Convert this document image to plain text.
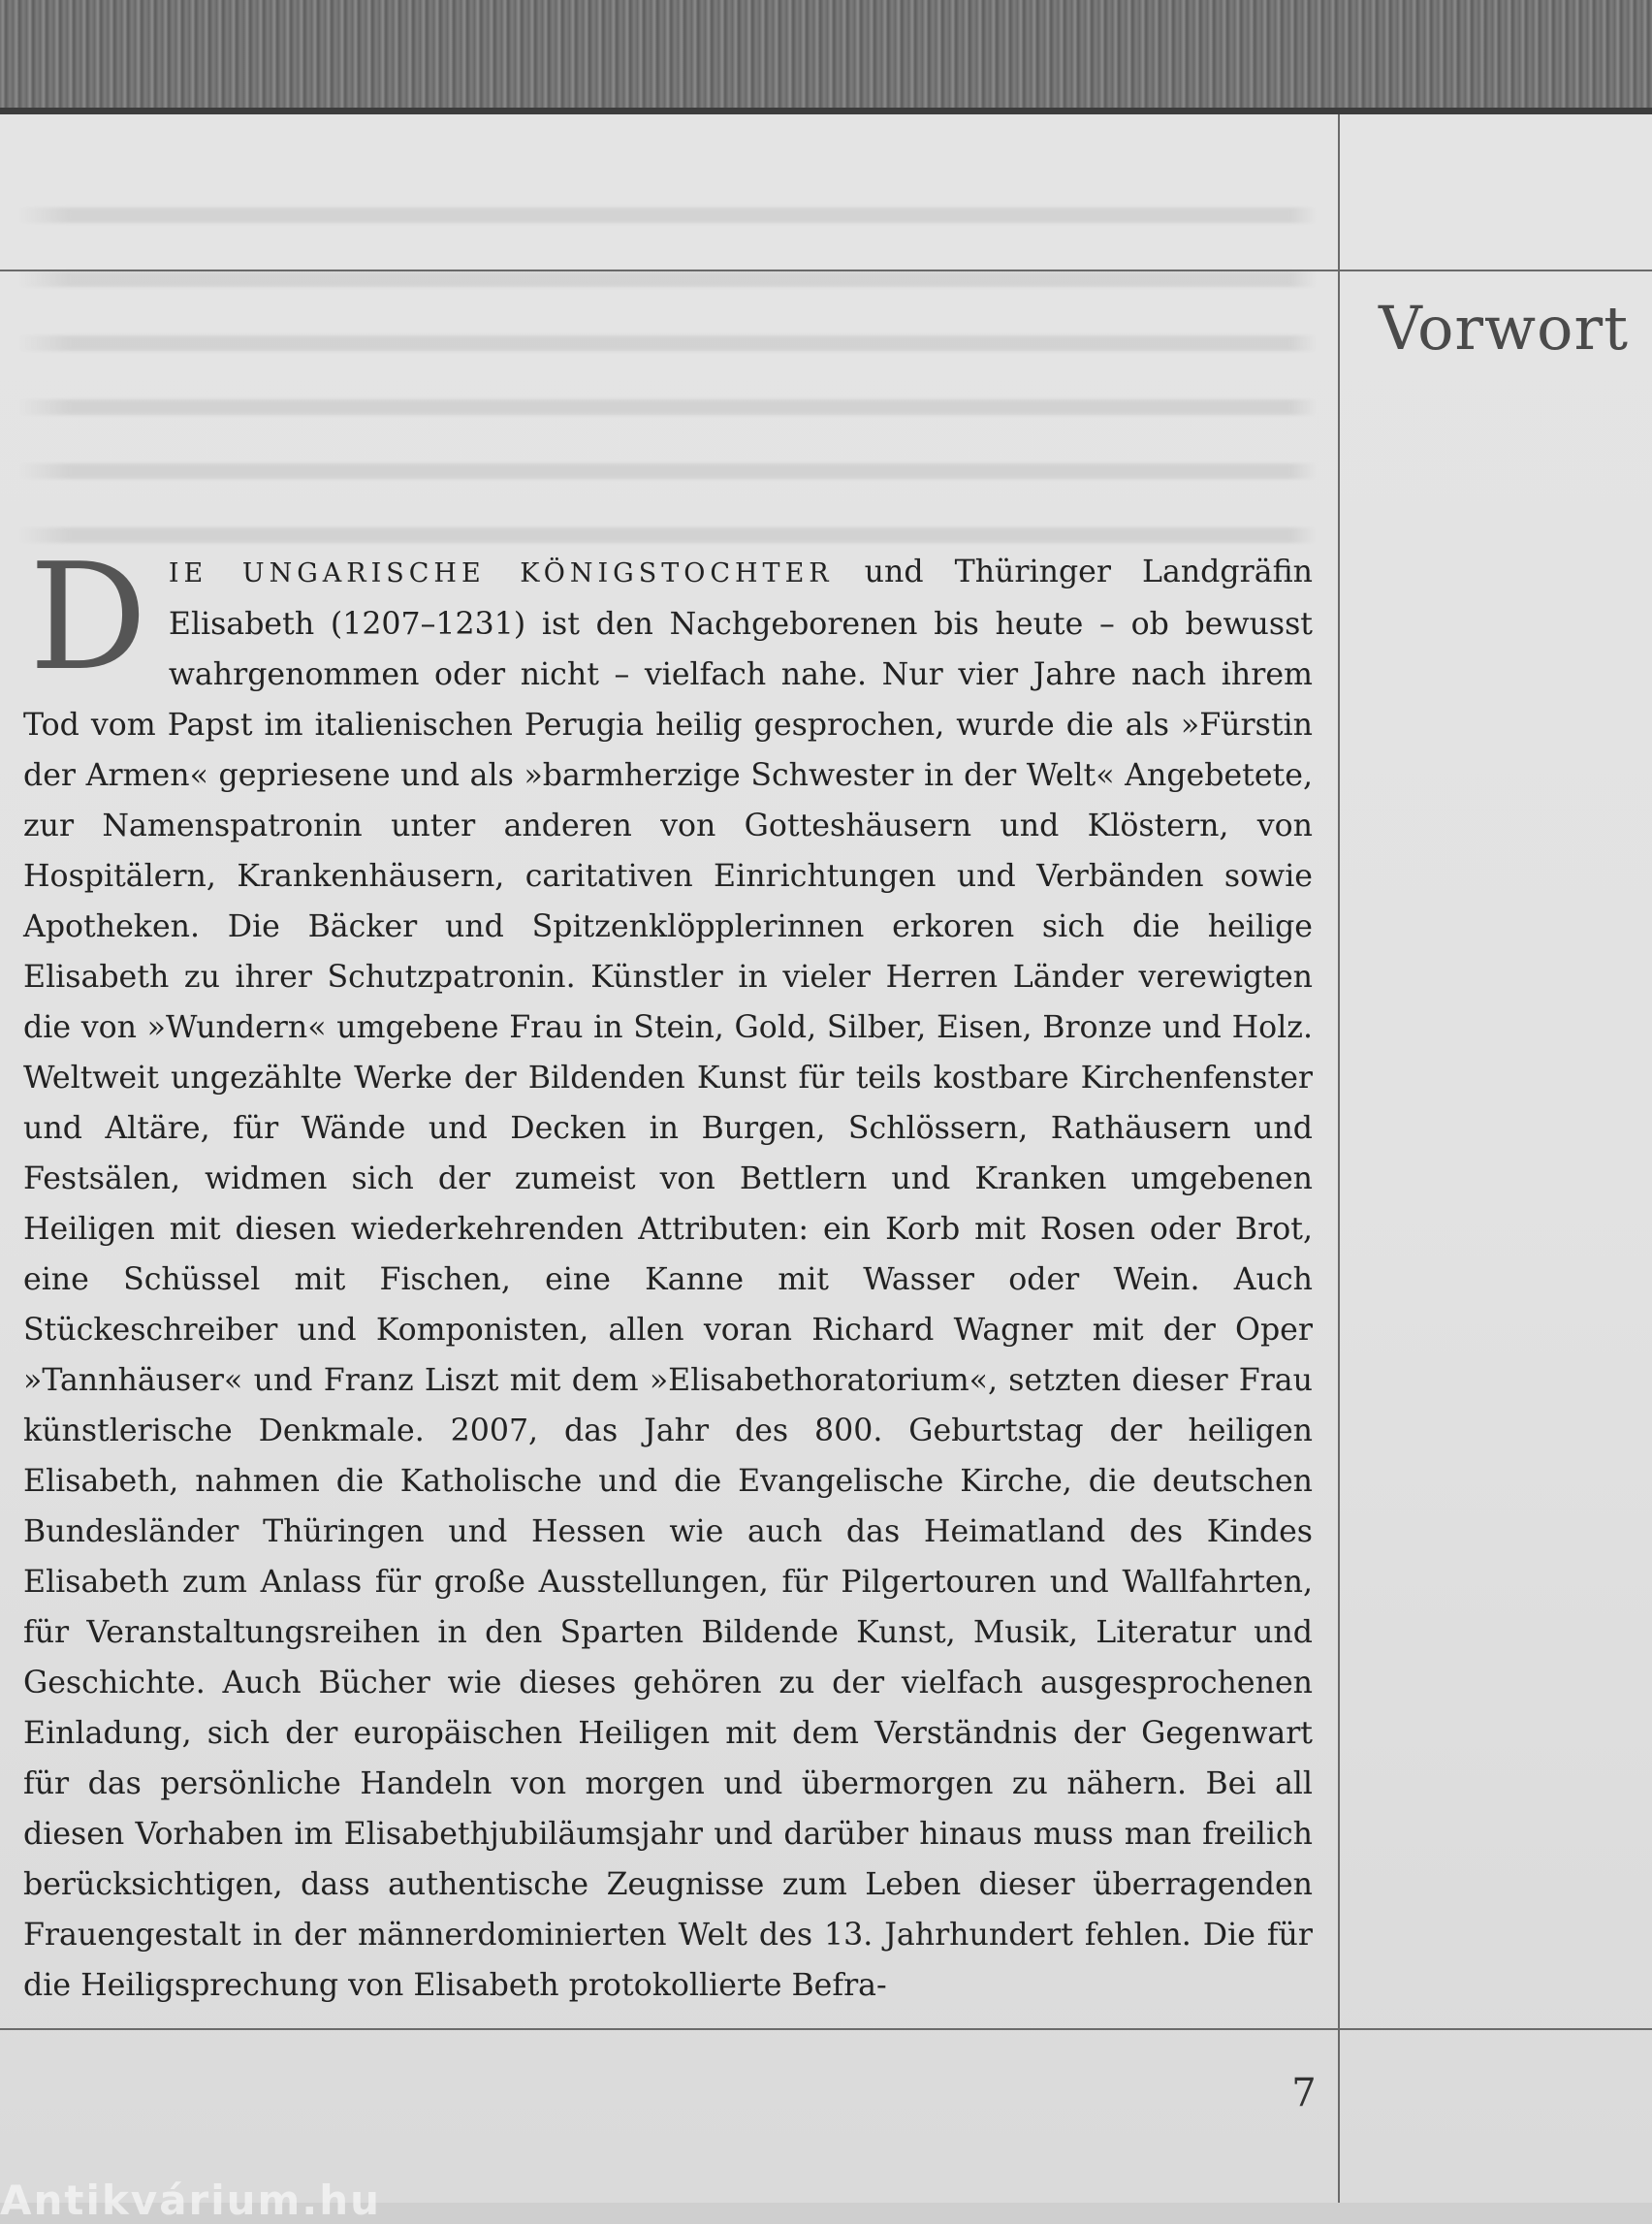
Vorwort

DIE UNGARISCHE KÖNIGSTOCHTER und Thüringer Landgräfin Elisabeth (1207–1231) ist den Nachgeborenen bis heute – ob bewusst wahrgenommen oder nicht – vielfach nahe. Nur vier Jahre nach ihrem Tod vom Papst im italienischen Perugia heilig gesprochen, wurde die als »Fürstin der Armen« gepriesene und als »barmherzige Schwester in der Welt« Angebetete, zur Namenspatronin unter anderen von Gotteshäusern und Klöstern, von Hospitälern, Krankenhäusern, caritativen Einrichtungen und Verbänden sowie Apotheken. Die Bäcker und Spitzenklöpplerinnen erkoren sich die heilige Elisabeth zu ihrer Schutzpatronin. Künstler in vieler Herren Länder verewigten die von »Wundern« umgebene Frau in Stein, Gold, Silber, Eisen, Bronze und Holz. Weltweit ungezählte Werke der Bildenden Kunst für teils kostbare Kirchenfenster und Altäre, für Wände und Decken in Burgen, Schlössern, Rathäusern und Festsälen, widmen sich der zumeist von Bettlern und Kranken umgebenen Heiligen mit diesen wiederkehrenden Attributen: ein Korb mit Rosen oder Brot, eine Schüssel mit Fischen, eine Kanne mit Wasser oder Wein. Auch Stückeschreiber und Komponisten, allen voran Richard Wagner mit der Oper »Tannhäuser« und Franz Liszt mit dem »Elisabethoratorium«, setzten dieser Frau künstlerische Denkmale. 2007, das Jahr des 800. Geburtstag der heiligen Elisabeth, nahmen die Katholische und die Evangelische Kirche, die deutschen Bundesländer Thüringen und Hessen wie auch das Heimatland des Kindes Elisabeth zum Anlass für große Ausstellungen, für Pilgertouren und Wallfahrten, für Veranstaltungsreihen in den Sparten Bildende Kunst, Musik, Literatur und Geschichte. Auch Bücher wie dieses gehören zu der vielfach ausgesprochenen Einladung, sich der europäischen Heiligen mit dem Verständnis der Gegenwart für das persönliche Handeln von morgen und übermorgen zu nähern. Bei all diesen Vorhaben im Elisabethjubiläumsjahr und darüber hinaus muss man freilich berücksichtigen, dass authentische Zeugnisse zum Leben dieser überragenden Frauengestalt in der männerdominierten Welt des 13. Jahrhundert fehlen. Die für die Heiligsprechung von Elisabeth protokollierte Befra-

7
Antikvárium.hu
